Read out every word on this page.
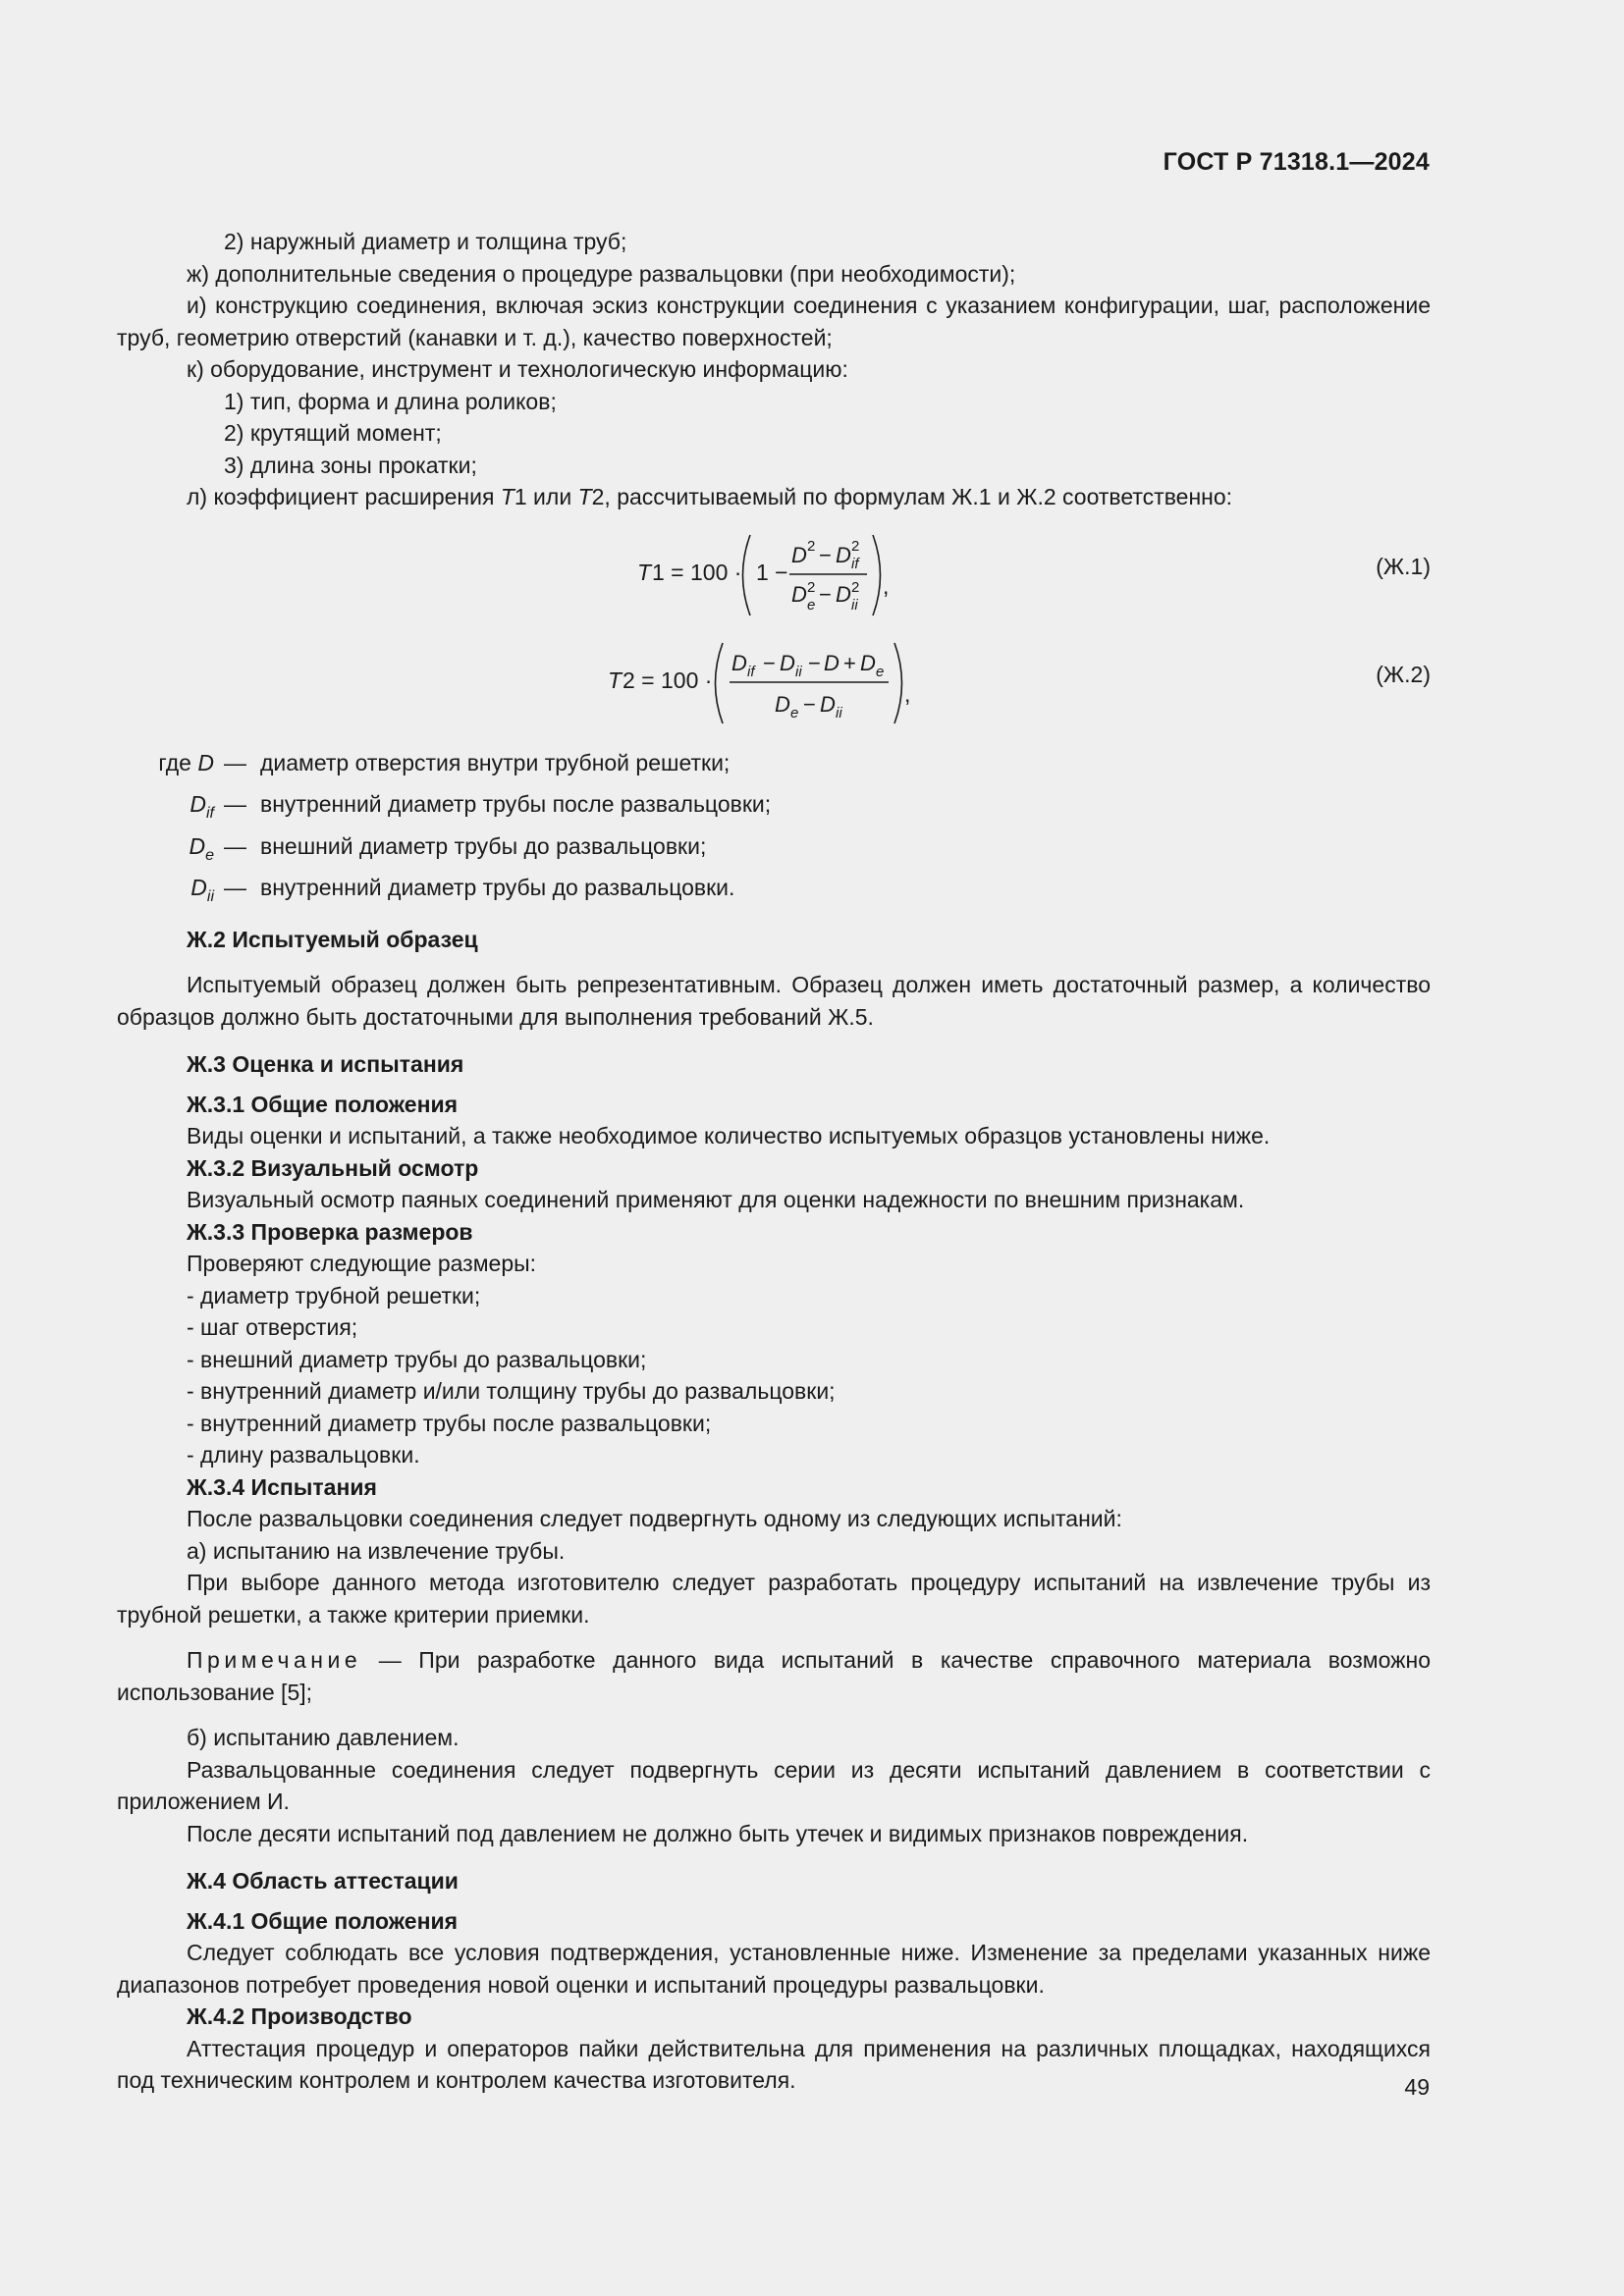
ГОСТ Р 71318.1—2024

2) наружный диаметр и толщина труб;

ж) дополнительные сведения о процедуре развальцовки (при необходимости);

и) конструкцию соединения, включая эскиз конструкции соединения с указанием конфигурации, шаг, расположение труб, геометрию отверстий (канавки и т. д.), качество поверхностей;

к) оборудование, инструмент и технологическую информацию:

1) тип, форма и длина роликов;

2) крутящий момент;

3) длина зоны прокатки;

л) коэффициент расширения T1 или T2, рассчитываемый по формулам Ж.1 и Ж.2 соответственно:

T 1 = 100 · 1 −
D 2 − D 2
if
D 2
e − D 2
ii
,
(Ж.1)
T 2 = 100 ·
D if − D ii − D + D e
D e − D ii
,
(Ж.2)
где D — диаметр отверстия внутри трубной решетки;
$D_{if}$ — внутренний диаметр трубы после развальцовки;
$D_e$ — внешний диаметр трубы до развальцовки;
$D_{ii}$ — внутренний диаметр трубы до развальцовки.

Ж.2 Испытуемый образец

Испытуемый образец должен быть репрезентативным. Образец должен иметь достаточный размер, а количество образцов должно быть достаточными для выполнения требований Ж.5.

Ж.3 Оценка и испытания

Ж.3.1 Общие положения

Виды оценки и испытаний, а также необходимое количество испытуемых образцов установлены ниже.

Ж.3.2 Визуальный осмотр

Визуальный осмотр паяных соединений применяют для оценки надежности по внешним признакам.

Ж.3.3 Проверка размеров

Проверяют следующие размеры:

- диаметр трубной решетки;

- шаг отверстия;

- внешний диаметр трубы до развальцовки;

- внутренний диаметр и/или толщину трубы до развальцовки;

- внутренний диаметр трубы после развальцовки;

- длину развальцовки.

Ж.3.4 Испытания

После развальцовки соединения следует подвергнуть одному из следующих испытаний:

а) испытанию на извлечение трубы.

При выборе данного метода изготовителю следует разработать процедуру испытаний на извлечение трубы из трубной решетки, а также критерии приемки.

Примечание — При разработке данного вида испытаний в качестве справочного материала возможно использование [5];

б) испытанию давлением.

Развальцованные соединения следует подвергнуть серии из десяти испытаний давлением в соответствии с приложением И.

После десяти испытаний под давлением не должно быть утечек и видимых признаков повреждения.

Ж.4 Область аттестации

Ж.4.1 Общие положения

Следует соблюдать все условия подтверждения, установленные ниже. Изменение за пределами указанных ниже диапазонов потребует проведения новой оценки и испытаний процедуры развальцовки.

Ж.4.2 Производство

Аттестация процедур и операторов пайки действительна для применения на различных площадках, находящихся под техническим контролем и контролем качества изготовителя.	49
